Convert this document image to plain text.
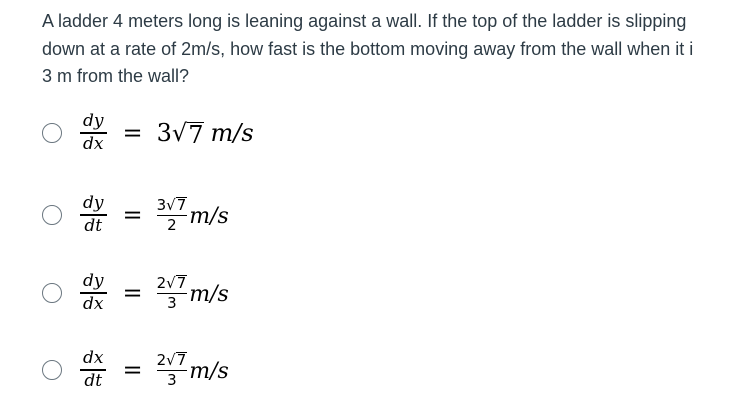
A ladder 4 meters long is leaning against a wall. If the top of the ladder is slipping
down at a rate of 2m/s, how fast is the bottom moving away from the wall when it i
3 m from the wall?
$\frac{dy}{dx} = 3$ √ 7 m/s
$\frac{dy}{dt} = 3$ √ 7
2 m/s
$\frac{dy}{dx} = 2$ √ 7
3 m/s
$\frac{dx}{dt} = 2$ √ 7
3 m/s
